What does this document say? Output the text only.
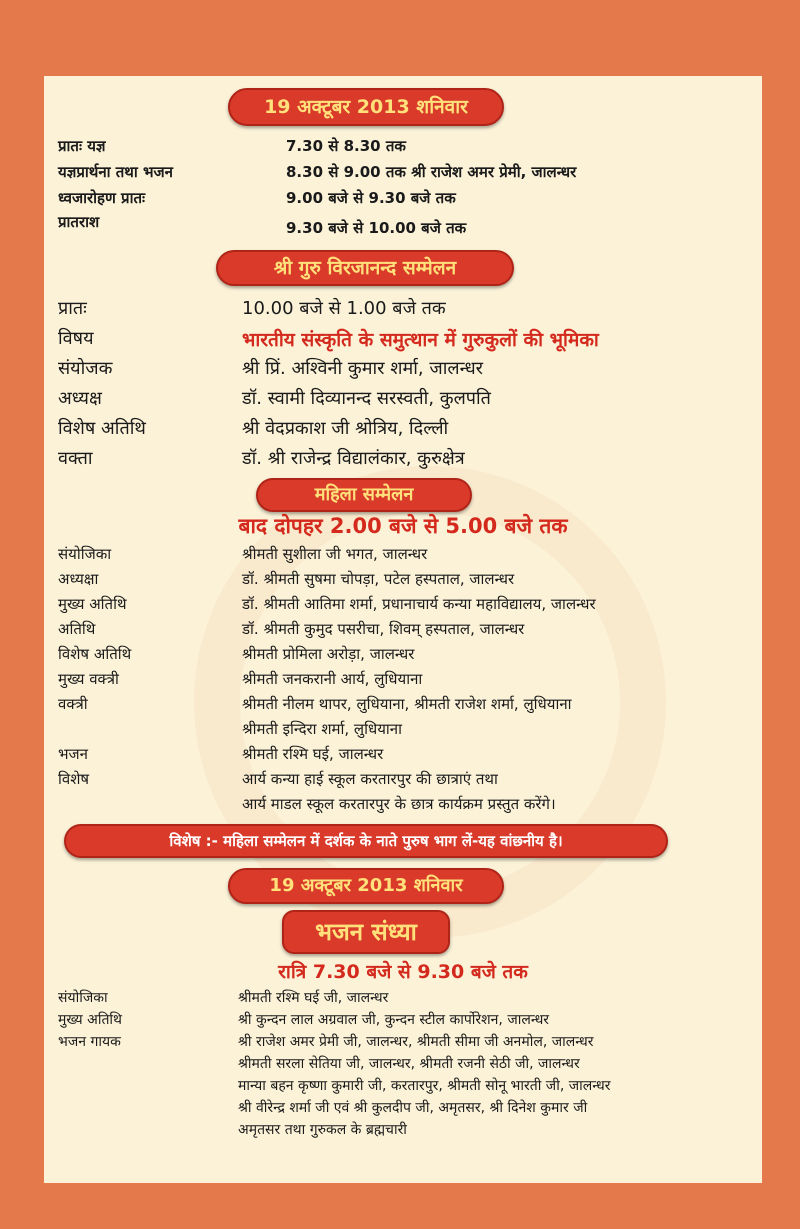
19 अक्टूबर 2013 शनिवार
प्रातः यज्ञ	7.30 से 8.30 तक
यज्ञप्रार्थना तथा भजन	8.30 से 9.00 तक श्री राजेश अमर प्रेमी, जालन्धर
ध्वजारोहण प्रातः	9.00 बजे से 9.30 बजे तक
प्रातराश	9.30 बजे से 10.00 बजे तक
श्री गुरु विरजानन्द सम्मेलन
प्रातः	10.00 बजे से 1.00 बजे तक
विषय	भारतीय संस्कृति के समुत्थान में गुरुकुलों की भूमिका
संयोजक	श्री प्रिं. अश्विनी कुमार शर्मा, जालन्धर
अध्यक्ष	डॉ. स्वामी दिव्यानन्द सरस्वती, कुलपति
विशेष अतिथि	श्री वेदप्रकाश जी श्रोत्रिय, दिल्ली
वक्ता	डॉ. श्री राजेन्द्र विद्यालंकार, कुरुक्षेत्र
महिला सम्मेलन
बाद दोपहर 2.00 बजे से 5.00 बजे तक
संयोजिका	श्रीमती सुशीला जी भगत, जालन्धर
अध्यक्षा	डॉ. श्रीमती सुषमा चोपड़ा, पटेल हस्पताल, जालन्धर
मुख्य अतिथि	डॉ. श्रीमती आतिमा शर्मा, प्रधानाचार्य कन्या महाविद्यालय, जालन्धर
अतिथि	डॉ. श्रीमती कुमुद पसरीचा, शिवम् हस्पताल, जालन्धर
विशेष अतिथि	श्रीमती प्रोमिला अरोड़ा, जालन्धर
मुख्य वक्त्री	श्रीमती जनकरानी आर्य, लुधियाना
वक्त्री	श्रीमती नीलम थापर, लुधियाना, श्रीमती राजेश शर्मा, लुधियाना
श्रीमती इन्दिरा शर्मा, लुधियाना
भजन	श्रीमती रश्मि घई, जालन्धर
विशेष	आर्य कन्या हाई स्कूल करतारपुर की छात्राएं तथा
आर्य माडल स्कूल करतारपुर के छात्र कार्यक्रम प्रस्तुत करेंगे।
विशेष :- महिला सम्मेलन में दर्शक के नाते पुरुष भाग लें-यह वांछनीय है।
19 अक्टूबर 2013 शनिवार
भजन संध्या
रात्रि 7.30 बजे से 9.30 बजे तक
संयोजिका	श्रीमती रश्मि घई जी, जालन्धर
मुख्य अतिथि	श्री कुन्दन लाल अग्रवाल जी, कुन्दन स्टील कार्पोरेशन, जालन्धर
भजन गायक	श्री राजेश अमर प्रेमी जी, जालन्धर, श्रीमती सीमा जी अनमोल, जालन्धर
श्रीमती सरला सेतिया जी, जालन्धर, श्रीमती रजनी सेठी जी, जालन्धर
मान्या बहन कृष्णा कुमारी जी, करतारपुर, श्रीमती सोनू भारती जी, जालन्धर
श्री वीरेन्द्र शर्मा जी एवं श्री कुलदीप जी, अमृतसर, श्री दिनेश कुमार जी
अमृतसर तथा गुरुकल के ब्रह्मचारी
